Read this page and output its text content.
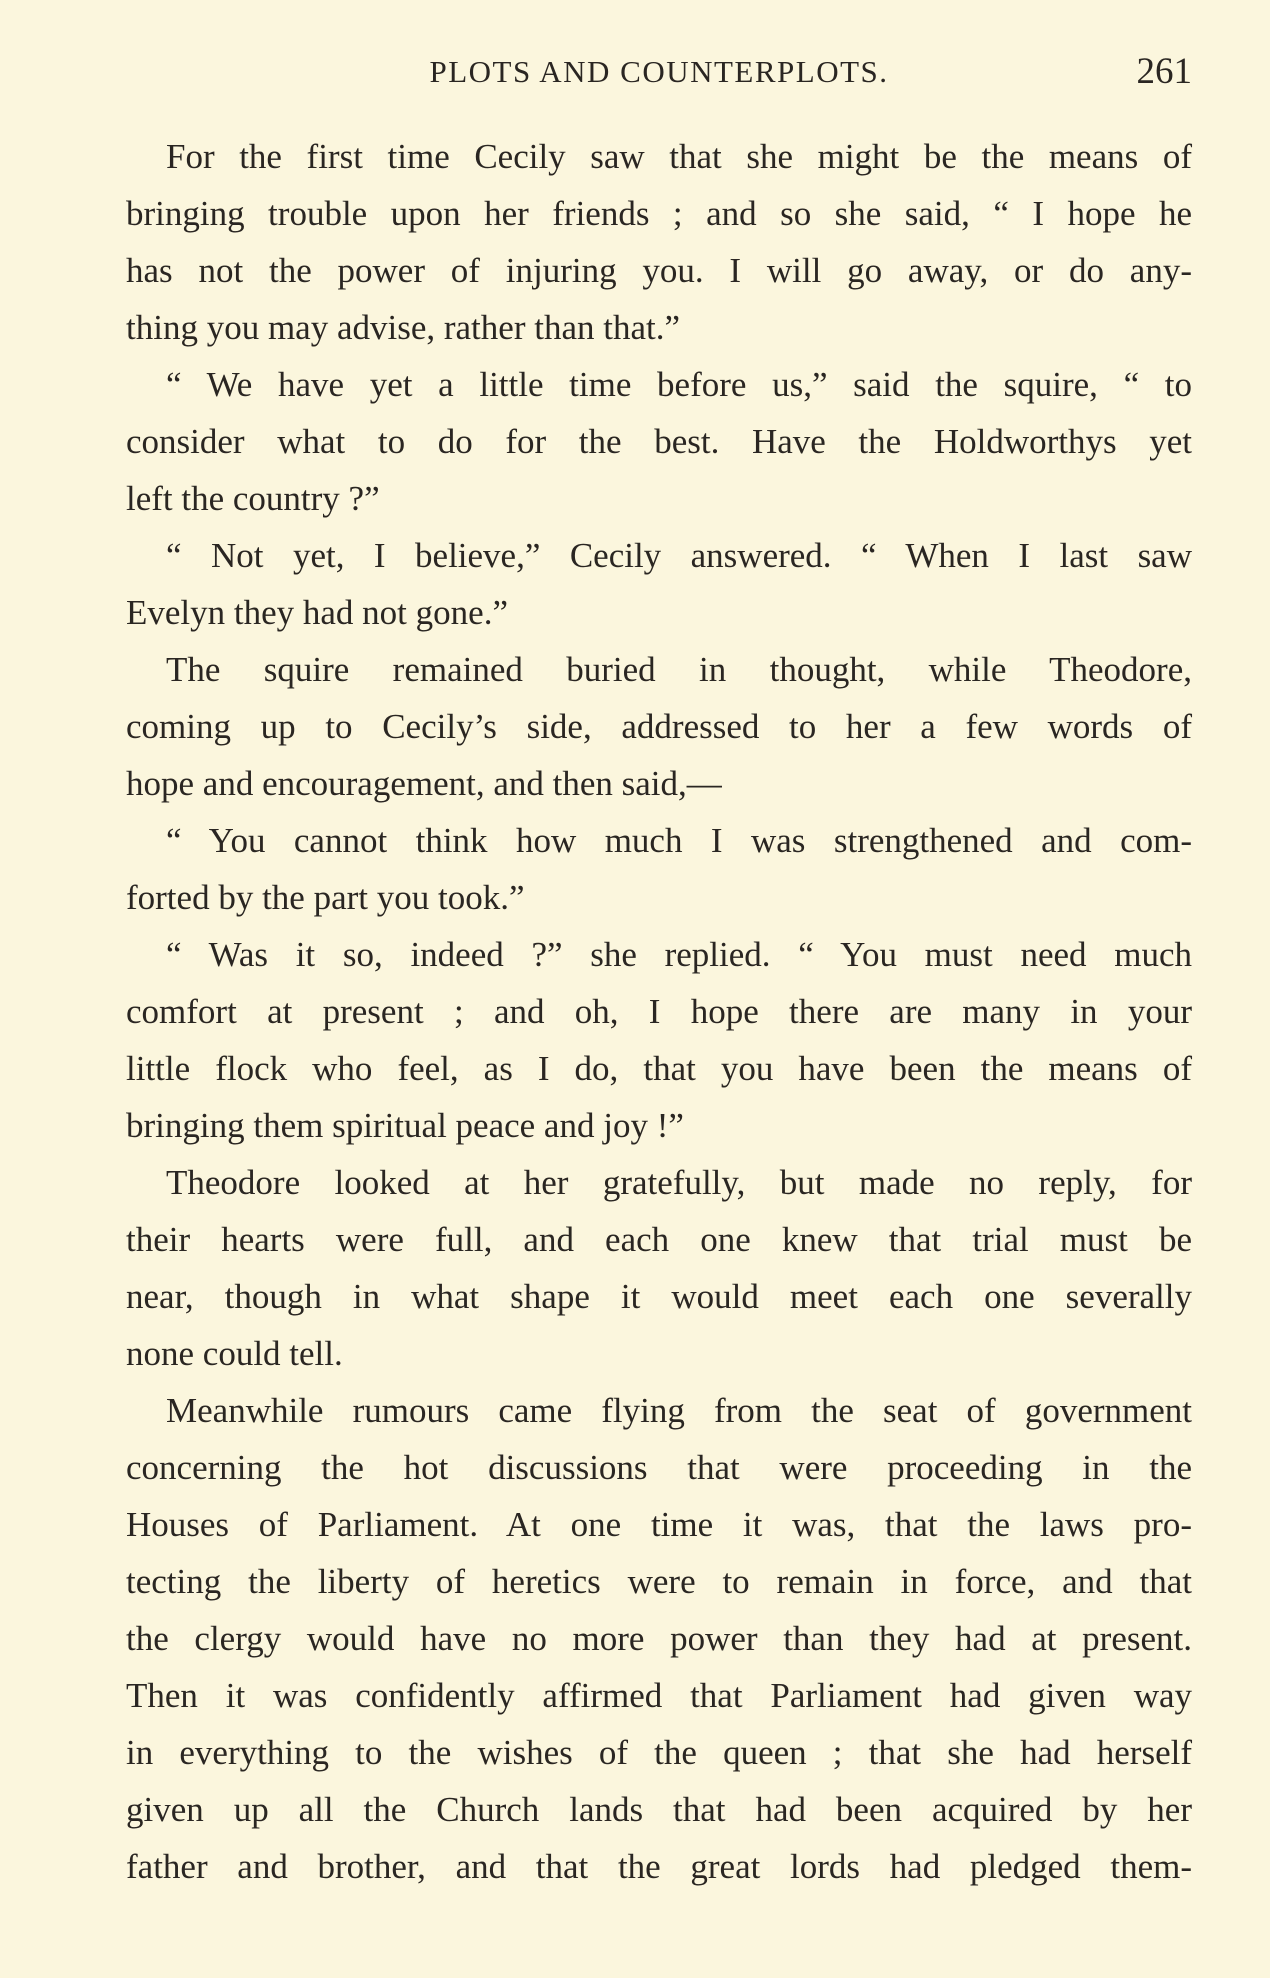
PLOTS AND COUNTERPLOTS.	261
For the first time Cecily saw that she might be the means of
bringing trouble upon her friends ; and so she said, “ I hope he
has not the power of injuring you. I will go away, or do any-
thing you may advise, rather than that.”
“ We have yet a little time before us,” said the squire, “ to
consider what to do for the best. Have the Holdworthys yet
left the country ?”
“ Not yet, I believe,” Cecily answered. “ When I last saw
Evelyn they had not gone.”
The squire remained buried in thought, while Theodore,
coming up to Cecily’s side, addressed to her a few words of
hope and encouragement, and then said,—
“ You cannot think how much I was strengthened and com-
forted by the part you took.”
“ Was it so, indeed ?” she replied. “ You must need much
comfort at present ; and oh, I hope there are many in your
little flock who feel, as I do, that you have been the means of
bringing them spiritual peace and joy !”
Theodore looked at her gratefully, but made no reply, for
their hearts were full, and each one knew that trial must be
near, though in what shape it would meet each one severally
none could tell.
Meanwhile rumours came flying from the seat of government
concerning the hot discussions that were proceeding in the
Houses of Parliament. At one time it was, that the laws pro-
tecting the liberty of heretics were to remain in force, and that
the clergy would have no more power than they had at present.
Then it was confidently affirmed that Parliament had given way
in everything to the wishes of the queen ; that she had herself
given up all the Church lands that had been acquired by her
father and brother, and that the great lords had pledged them-
